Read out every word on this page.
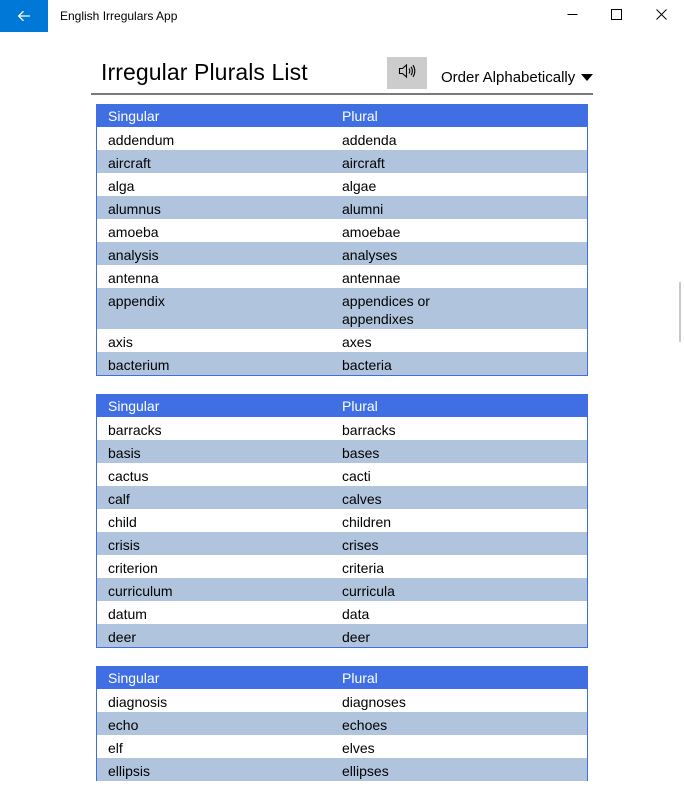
English Irregulars App
Irregular Plurals List	Order Alphabetically
Singular	Plural
addendum	addenda
aircraft	aircraft
alga	algae
alumnus	alumni
amoeba	amoebae
analysis	analyses
antenna	antennae
appendix	appendices or appendixes
axis	axes
bacterium	bacteria
Singular	Plural
barracks	barracks
basis	bases
cactus	cacti
calf	calves
child	children
crisis	crises
criterion	criteria
curriculum	curricula
datum	data
deer	deer
Singular	Plural
diagnosis	diagnoses
echo	echoes
elf	elves
ellipsis	ellipses
